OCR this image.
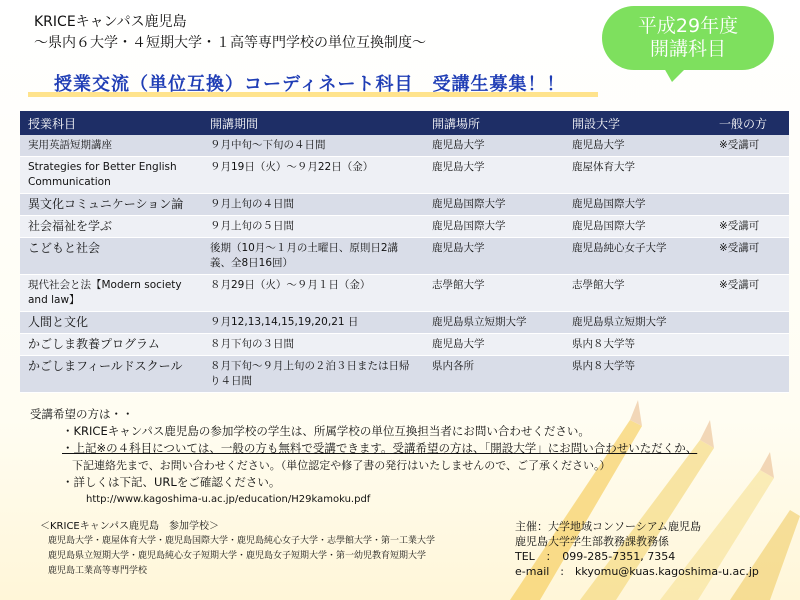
KRICEキャンパス鹿児島
～県内６大学・４短期大学・１高等専門学校の単位互換制度～
平成29年度
開講科目
授業交流（単位互換）コーディネート科目　受講生募集！！
授業科目	開講期間	開講場所	開設大学	一般の方
実用英語短期講座	９月中旬～下旬の４日間	鹿児島大学	鹿児島大学	※受講可
Strategies for Better English Communication	９月19日（火）～９月22日（金）	鹿児島大学	鹿屋体育大学	
異文化コミュニケーション論	９月上旬の４日間	鹿児島国際大学	鹿児島国際大学	
社会福祉を学ぶ	９月上旬の５日間	鹿児島国際大学	鹿児島国際大学	※受講可
こどもと社会	後期（10月～１月の土曜日、原則日2講義、全8日16回）	鹿児島大学	鹿児島純心女子大学	※受講可
現代社会と法【Modern society and law】	８月29日（火）～９月１日（金）	志學館大学	志學館大学	※受講可
人間と文化	９月12,13,14,15,19,20,21 日	鹿児島県立短期大学	鹿児島県立短期大学	
かごしま教養プログラム	８月下旬の３日間	鹿児島大学	県内８大学等	
かごしまフィールドスクール	８月下旬～９月上旬の２泊３日または日帰り４日間	県内各所	県内８大学等	
受講希望の方は・・
・KRICEキャンパス鹿児島の参加学校の学生は、所属学校の単位互換担当者にお問い合わせください。
・上記※の４科目については、一般の方も無料で受講できます。受講希望の方は、「開設大学」にお問い合わせいただくか、
下記連絡先まで、お問い合わせください。（単位認定や修了書の発行はいたしませんので、ご了承ください。）
・詳しくは下記、URLをご確認ください。
http://www.kagoshima-u.ac.jp/education/H29kamoku.pdf
＜KRICEキャンパス鹿児島　参加学校＞
鹿児島大学・鹿屋体育大学・鹿児島国際大学・鹿児島純心女子大学・志學館大学・第一工業大学
鹿児島県立短期大学・鹿児島純心女子短期大学・鹿児島女子短期大学・第一幼児教育短期大学
鹿児島工業高等専門学校
主催：大学地域コンソーシアム鹿児島
鹿児島大学学生部教務課教務係
TEL　：　099-285-7351, 7354
e-mail　:　kkyomu@kuas.kagoshima-u.ac.jp
